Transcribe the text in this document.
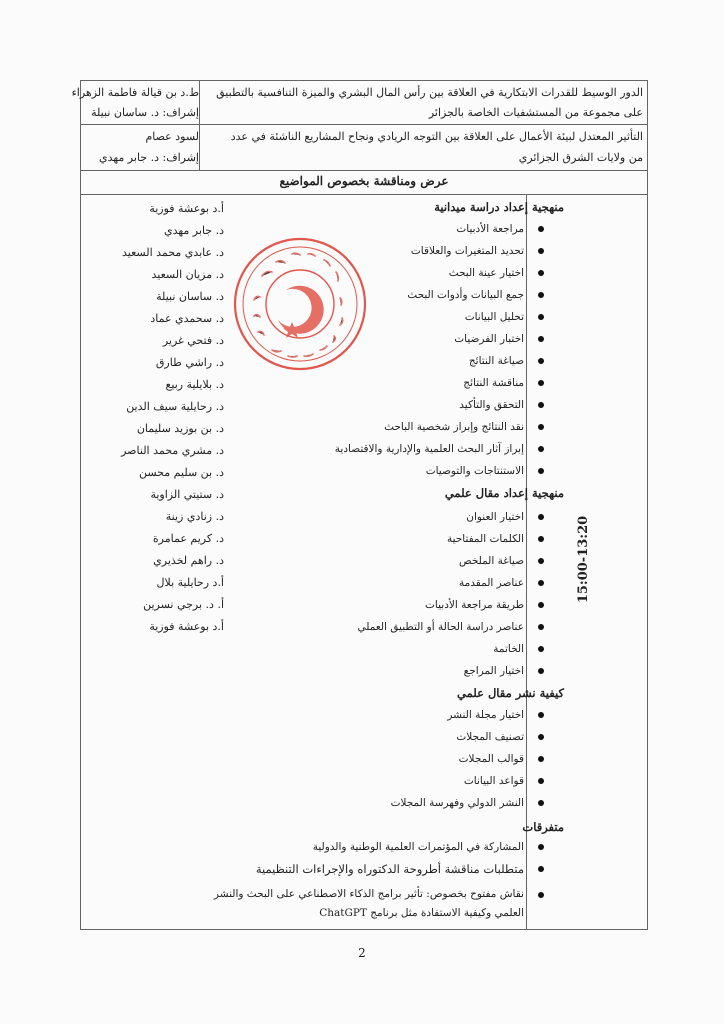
الدور الوسيط للقدرات الابتكارية في العلاقة بين رأس المال البشري والميزة التنافسية بالتطبيق
على مجموعة من المستشفيات الخاصة بالجزائر
ط.د بن قيالة فاطمة الزهراء
إشراف: د. ساسان نبيلة
التأثير المعتدل لبيئة الأعمال على العلاقة بين التوجه الريادي ونجاح المشاريع الناشئة في عدد
من ولايات الشرق الجزائري
لسود عصام
إشراف: د. جابر مهدي
عرض ومناقشة بخصوص المواضيع
15:00-13:20
منهجية إعداد دراسة ميدانية
مراجعة الأدبيات
تحديد المتغيرات والعلاقات
اختيار عينة البحث
جمع البيانات وأدوات البحث
تحليل البيانات
اختبار الفرضيات
صياغة النتائج
مناقشة النتائج
التحقق والتأكيد
نقد النتائج وإبراز شخصية الباحث
إبراز آثار البحث العلمية والإدارية والاقتصادية
الاستنتاجات والتوصيات
منهجية إعداد مقال علمي
اختيار العنوان
الكلمات المفتاحية
صياغة الملخص
عناصر المقدمة
طريقة مراجعة الأدبيات
عناصر دراسة الحالة أو التطبيق العملي
الخاتمة
اختيار المراجع
كيفية نشر مقال علمي
اختيار مجلة النشر
تصنيف المجلات
قوالب المجلات
قواعد البيانات
النشر الدولي وفهرسة المجلات
متفرقات
المشاركة في المؤتمرات العلمية الوطنية والدولية
متطلبات مناقشة أطروحة الدكتوراه والإجراءات التنظيمية
نقاش مفتوح بخصوص: تأثير برامج الذكاء الاصطناعي على البحث والنشر
العلمي وكيفية الاستفادة مثل برنامج ChatGPT
أ.د بوعشة فوزية
د. جابر مهدي
د. عابدي محمد السعيد
د. مزيان السعيد
د. ساسان نبيلة
د. سحمدي عماد
د. فتحي غرير
د. راشي طارق
د. بلايلية ربيع
د. رحايلية سيف الدين
د. بن بوزيد سليمان
د. مشري محمد الناصر
د. بن سليم محسن
د. ستيتي الزاوية
د. زنادي زينة
د. كريم عمامرة
د. راهم لخذيري
أ.د رحايلية بلال
أ. د. برجي نسرين
أ.د بوعشة فوزية
2
